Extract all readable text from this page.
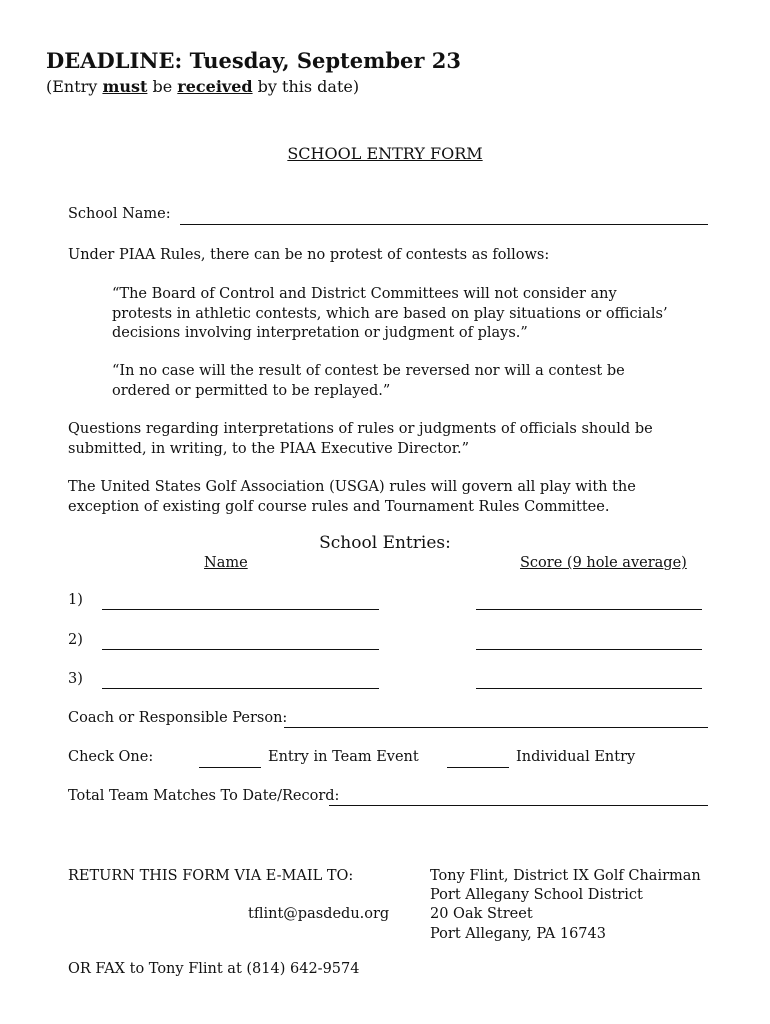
DEADLINE: Tuesday, September 23
(Entry must be received by this date)
SCHOOL ENTRY FORM
School Name:
Under PIAA Rules, there can be no protest of contests as follows:
“The Board of Control and District Committees will not consider any protests in athletic contests, which are based on play situations or officials’ decisions involving interpretation or judgment of plays.”
“In no case will the result of contest be reversed nor will a contest be ordered or permitted to be replayed.”
Questions regarding interpretations of rules or judgments of officials should be submitted, in writing, to the PIAA Executive Director.”
The United States Golf Association (USGA) rules will govern all play with the exception of existing golf course rules and Tournament Rules Committee.
School Entries:
Name	Score (9 hole average)
1)
2)
3)
Coach or Responsible Person:
Check One:	Entry in Team Event	Individual Entry
Total Team Matches To Date/Record:
RETURN THIS FORM VIA E-MAIL TO:
tflint@pasdedu.org
OR FAX to Tony Flint at (814) 642-9574
Tony Flint, District IX Golf Chairman
Port Allegany School District
20 Oak Street
Port Allegany, PA 16743
